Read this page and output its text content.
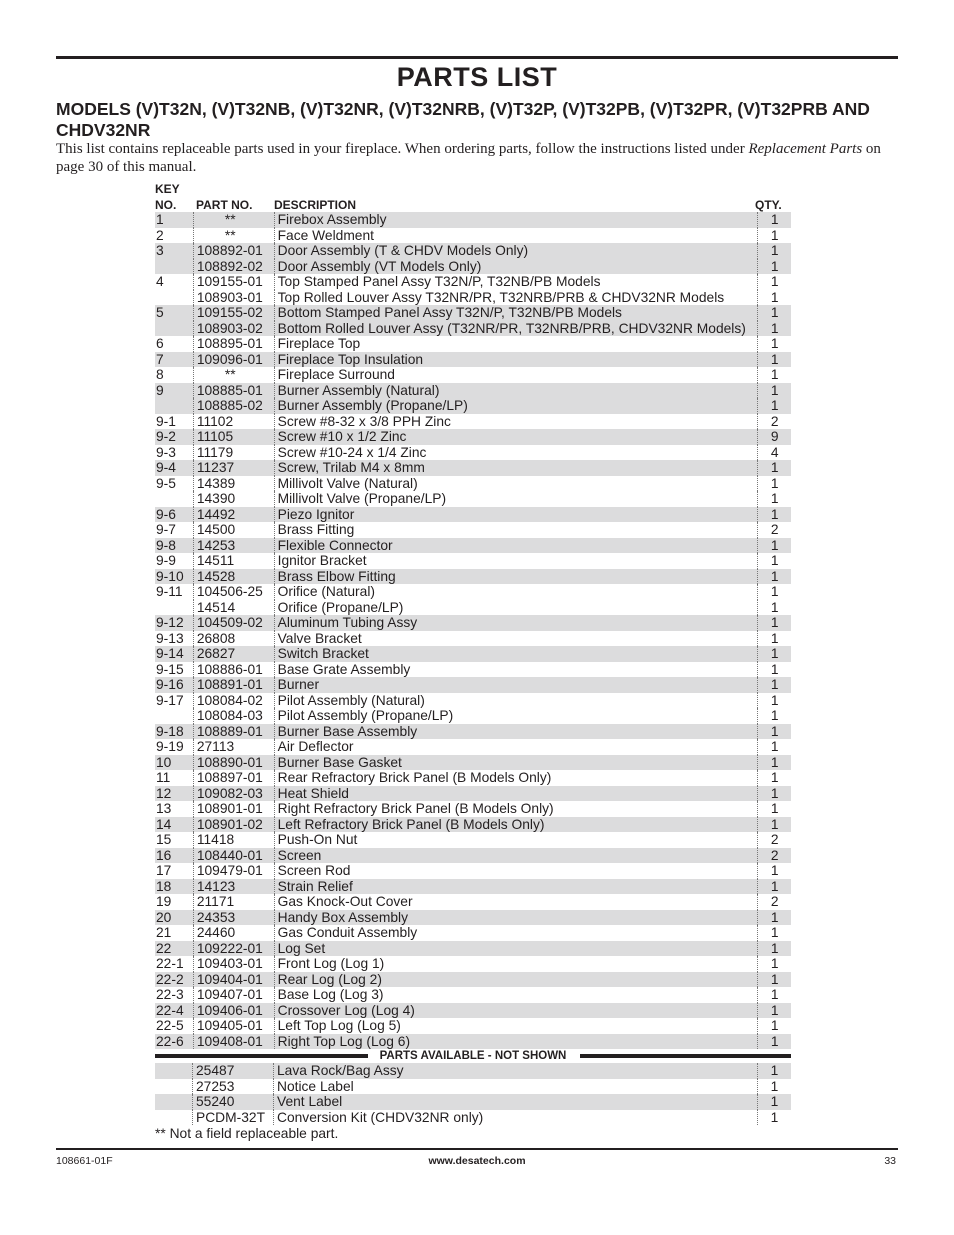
PARTS LIST
MODELS (V)T32N, (V)T32NB, (V)T32NR, (V)T32NRB, (V)T32P, (V)T32PB, (V)T32PR, (V)T32PRB AND CHDV32NR
This list contains replaceable parts used in your fireplace. When ordering parts, follow the instructions listed under Replacement Parts on page 30 of this manual.
KEY
NO. PART NO. DESCRIPTION	QTY.
1	**	Firebox Assembly	1
2	**	Face Weldment	1
3	108892-01	Door Assembly (T & CHDV Models Only)	1
	108892-02	Door Assembly (VT Models Only)	1
4	109155-01	Top Stamped Panel Assy T32N/P, T32NB/PB Models	1
	108903-01	Top Rolled Louver Assy T32NR/PR, T32NRB/PRB & CHDV32NR Models	1
5	109155-02	Bottom Stamped Panel Assy T32N/P, T32NB/PB Models	1
	108903-02	Bottom Rolled Louver Assy (T32NR/PR, T32NRB/PRB, CHDV32NR Models)	1
6	108895-01	Fireplace Top	1
7	109096-01	Fireplace Top Insulation	1
8	**	Fireplace Surround	1
9	108885-01	Burner Assembly (Natural)	1
	108885-02	Burner Assembly (Propane/LP)	1
9-1	11102	Screw #8-32 x 3/8 PPH Zinc	2
9-2	11105	Screw #10 x 1/2 Zinc	9
9-3	11179	Screw #10-24 x 1/4 Zinc	4
9-4	11237	Screw, Trilab M4 x 8mm	1
9-5	14389	Millivolt Valve (Natural)	1
	14390	Millivolt Valve (Propane/LP)	1
9-6	14492	Piezo Ignitor	1
9-7	14500	Brass Fitting	2
9-8	14253	Flexible Connector	1
9-9	14511	Ignitor Bracket	1
9-10	14528	Brass Elbow Fitting	1
9-11	104506-25	Orifice (Natural)	1
	14514	Orifice (Propane/LP)	1
9-12	104509-02	Aluminum Tubing Assy	1
9-13	26808	Valve Bracket	1
9-14	26827	Switch Bracket	1
9-15	108886-01	Base Grate Assembly	1
9-16	108891-01	Burner	1
9-17	108084-02	Pilot Assembly (Natural)	1
	108084-03	Pilot Assembly (Propane/LP)	1
9-18	108889-01	Burner Base Assembly	1
9-19	27113	Air Deflector	1
10	108890-01	Burner Base Gasket	1
11	108897-01	Rear Refractory Brick Panel (B Models Only)	1
12	109082-03	Heat Shield	1
13	108901-01	Right Refractory Brick Panel (B Models Only)	1
14	108901-02	Left Refractory Brick Panel (B Models Only)	1
15	11418	Push-On Nut	2
16	108440-01	Screen	2
17	109479-01	Screen Rod	1
18	14123	Strain Relief	1
19	21171	Gas Knock-Out Cover	2
20	24353	Handy Box Assembly	1
21	24460	Gas Conduit Assembly	1
22	109222-01	Log Set	1
22-1	109403-01	Front Log (Log 1)	1
22-2	109404-01	Rear Log (Log 2)	1
22-3	109407-01	Base Log (Log 3)	1
22-4	109406-01	Crossover Log (Log 4)	1
22-5	109405-01	Left Top Log (Log 5)	1
22-6	109408-01	Right Top Log (Log 6)	1
PARTS AVAILABLE - NOT SHOWN
	25487	Lava Rock/Bag Assy	1
	27253	Notice Label	1
	55240	Vent Label	1
	PCDM-32T	Conversion Kit (CHDV32NR only)	1
** Not a field replaceable part.
108661-01F	www.desatech.com	33
